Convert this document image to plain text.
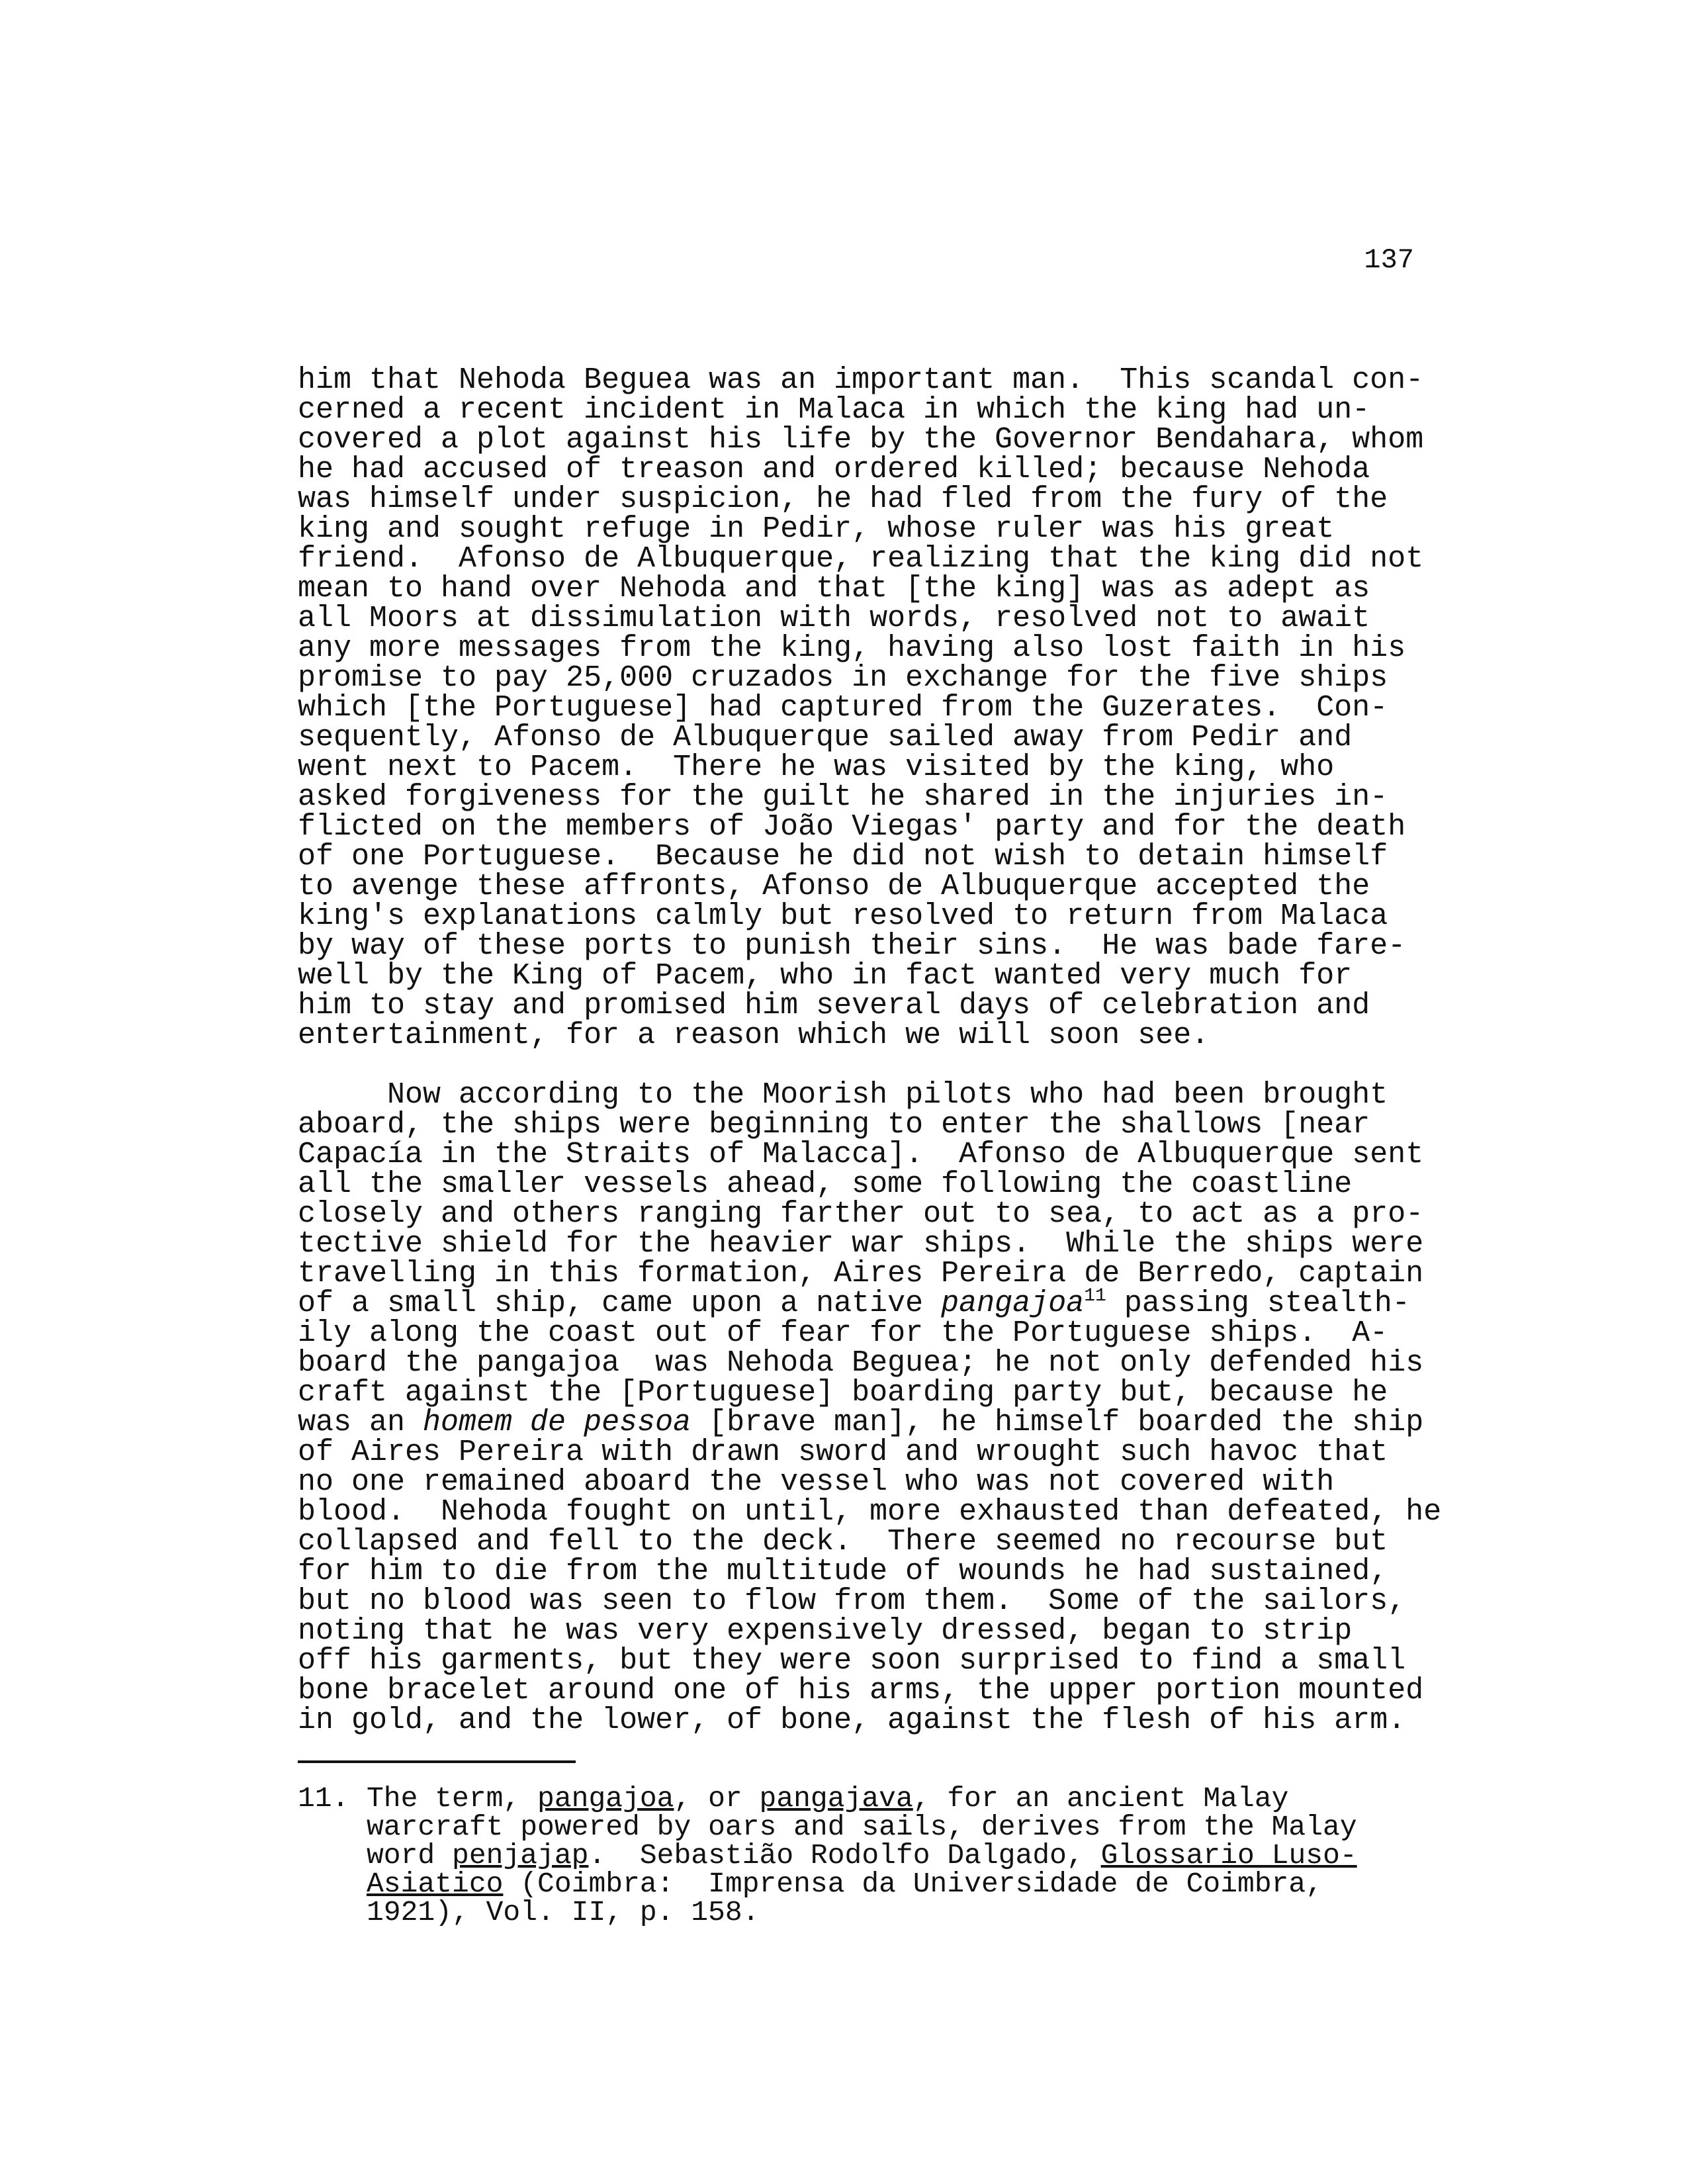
137
him that Nehoda Beguea was an important man.  This scandal con-
cerned a recent incident in Malaca in which the king had un-
covered a plot against his life by the Governor Bendahara, whom
he had accused of treason and ordered killed; because Nehoda
was himself under suspicion, he had fled from the fury of the
king and sought refuge in Pedir, whose ruler was his great
friend.  Afonso de Albuquerque, realizing that the king did not
mean to hand over Nehoda and that [the king] was as adept as
all Moors at dissimulation with words, resolved not to await
any more messages from the king, having also lost faith in his
promise to pay 25,000 cruzados in exchange for the five ships
which [the Portuguese] had captured from the Guzerates.  Con-
sequently, Afonso de Albuquerque sailed away from Pedir and
went next to Pacem.  There he was visited by the king, who
asked forgiveness for the guilt he shared in the injuries in-
flicted on the members of João Viegas' party and for the death
of one Portuguese.  Because he did not wish to detain himself
to avenge these affronts, Afonso de Albuquerque accepted the
king's explanations calmly but resolved to return from Malaca
by way of these ports to punish their sins.  He was bade fare-
well by the King of Pacem, who in fact wanted very much for
him to stay and promised him several days of celebration and
entertainment, for a reason which we will soon see.
Now according to the Moorish pilots who had been brought
aboard, the ships were beginning to enter the shallows [near
Capacía in the Straits of Malacca].  Afonso de Albuquerque sent
all the smaller vessels ahead, some following the coastline
closely and others ranging farther out to sea, to act as a pro-
tective shield for the heavier war ships.  While the ships were
travelling in this formation, Aires Pereira de Berredo, captain
of a small ship, came upon a native pangajoa$^{11}$ passing stealth-
ily along the coast out of fear for the Portuguese ships.  A-
board the pangajoa  was Nehoda Beguea; he not only defended his
craft against the [Portuguese] boarding party but, because he
was an homem de pessoa [brave man], he himself boarded the ship
of Aires Pereira with drawn sword and wrought such havoc that
no one remained aboard the vessel who was not covered with
blood.  Nehoda fought on until, more exhausted than defeated, he
collapsed and fell to the deck.  There seemed no recourse but
for him to die from the multitude of wounds he had sustained,
but no blood was seen to flow from them.  Some of the sailors,
noting that he was very expensively dressed, began to strip
off his garments, but they were soon surprised to find a small
bone bracelet around one of his arms, the upper portion mounted
in gold, and the lower, of bone, against the flesh of his arm.
11. The term, pangajoa, or pangajava, for an ancient Malay
warcraft powered by oars and sails, derives from the Malay
word penjajap.  Sebastião Rodolfo Dalgado, Glossario Luso-
Asiatico (Coimbra:  Imprensa da Universidade de Coimbra,
1921), Vol. II, p. 158.
